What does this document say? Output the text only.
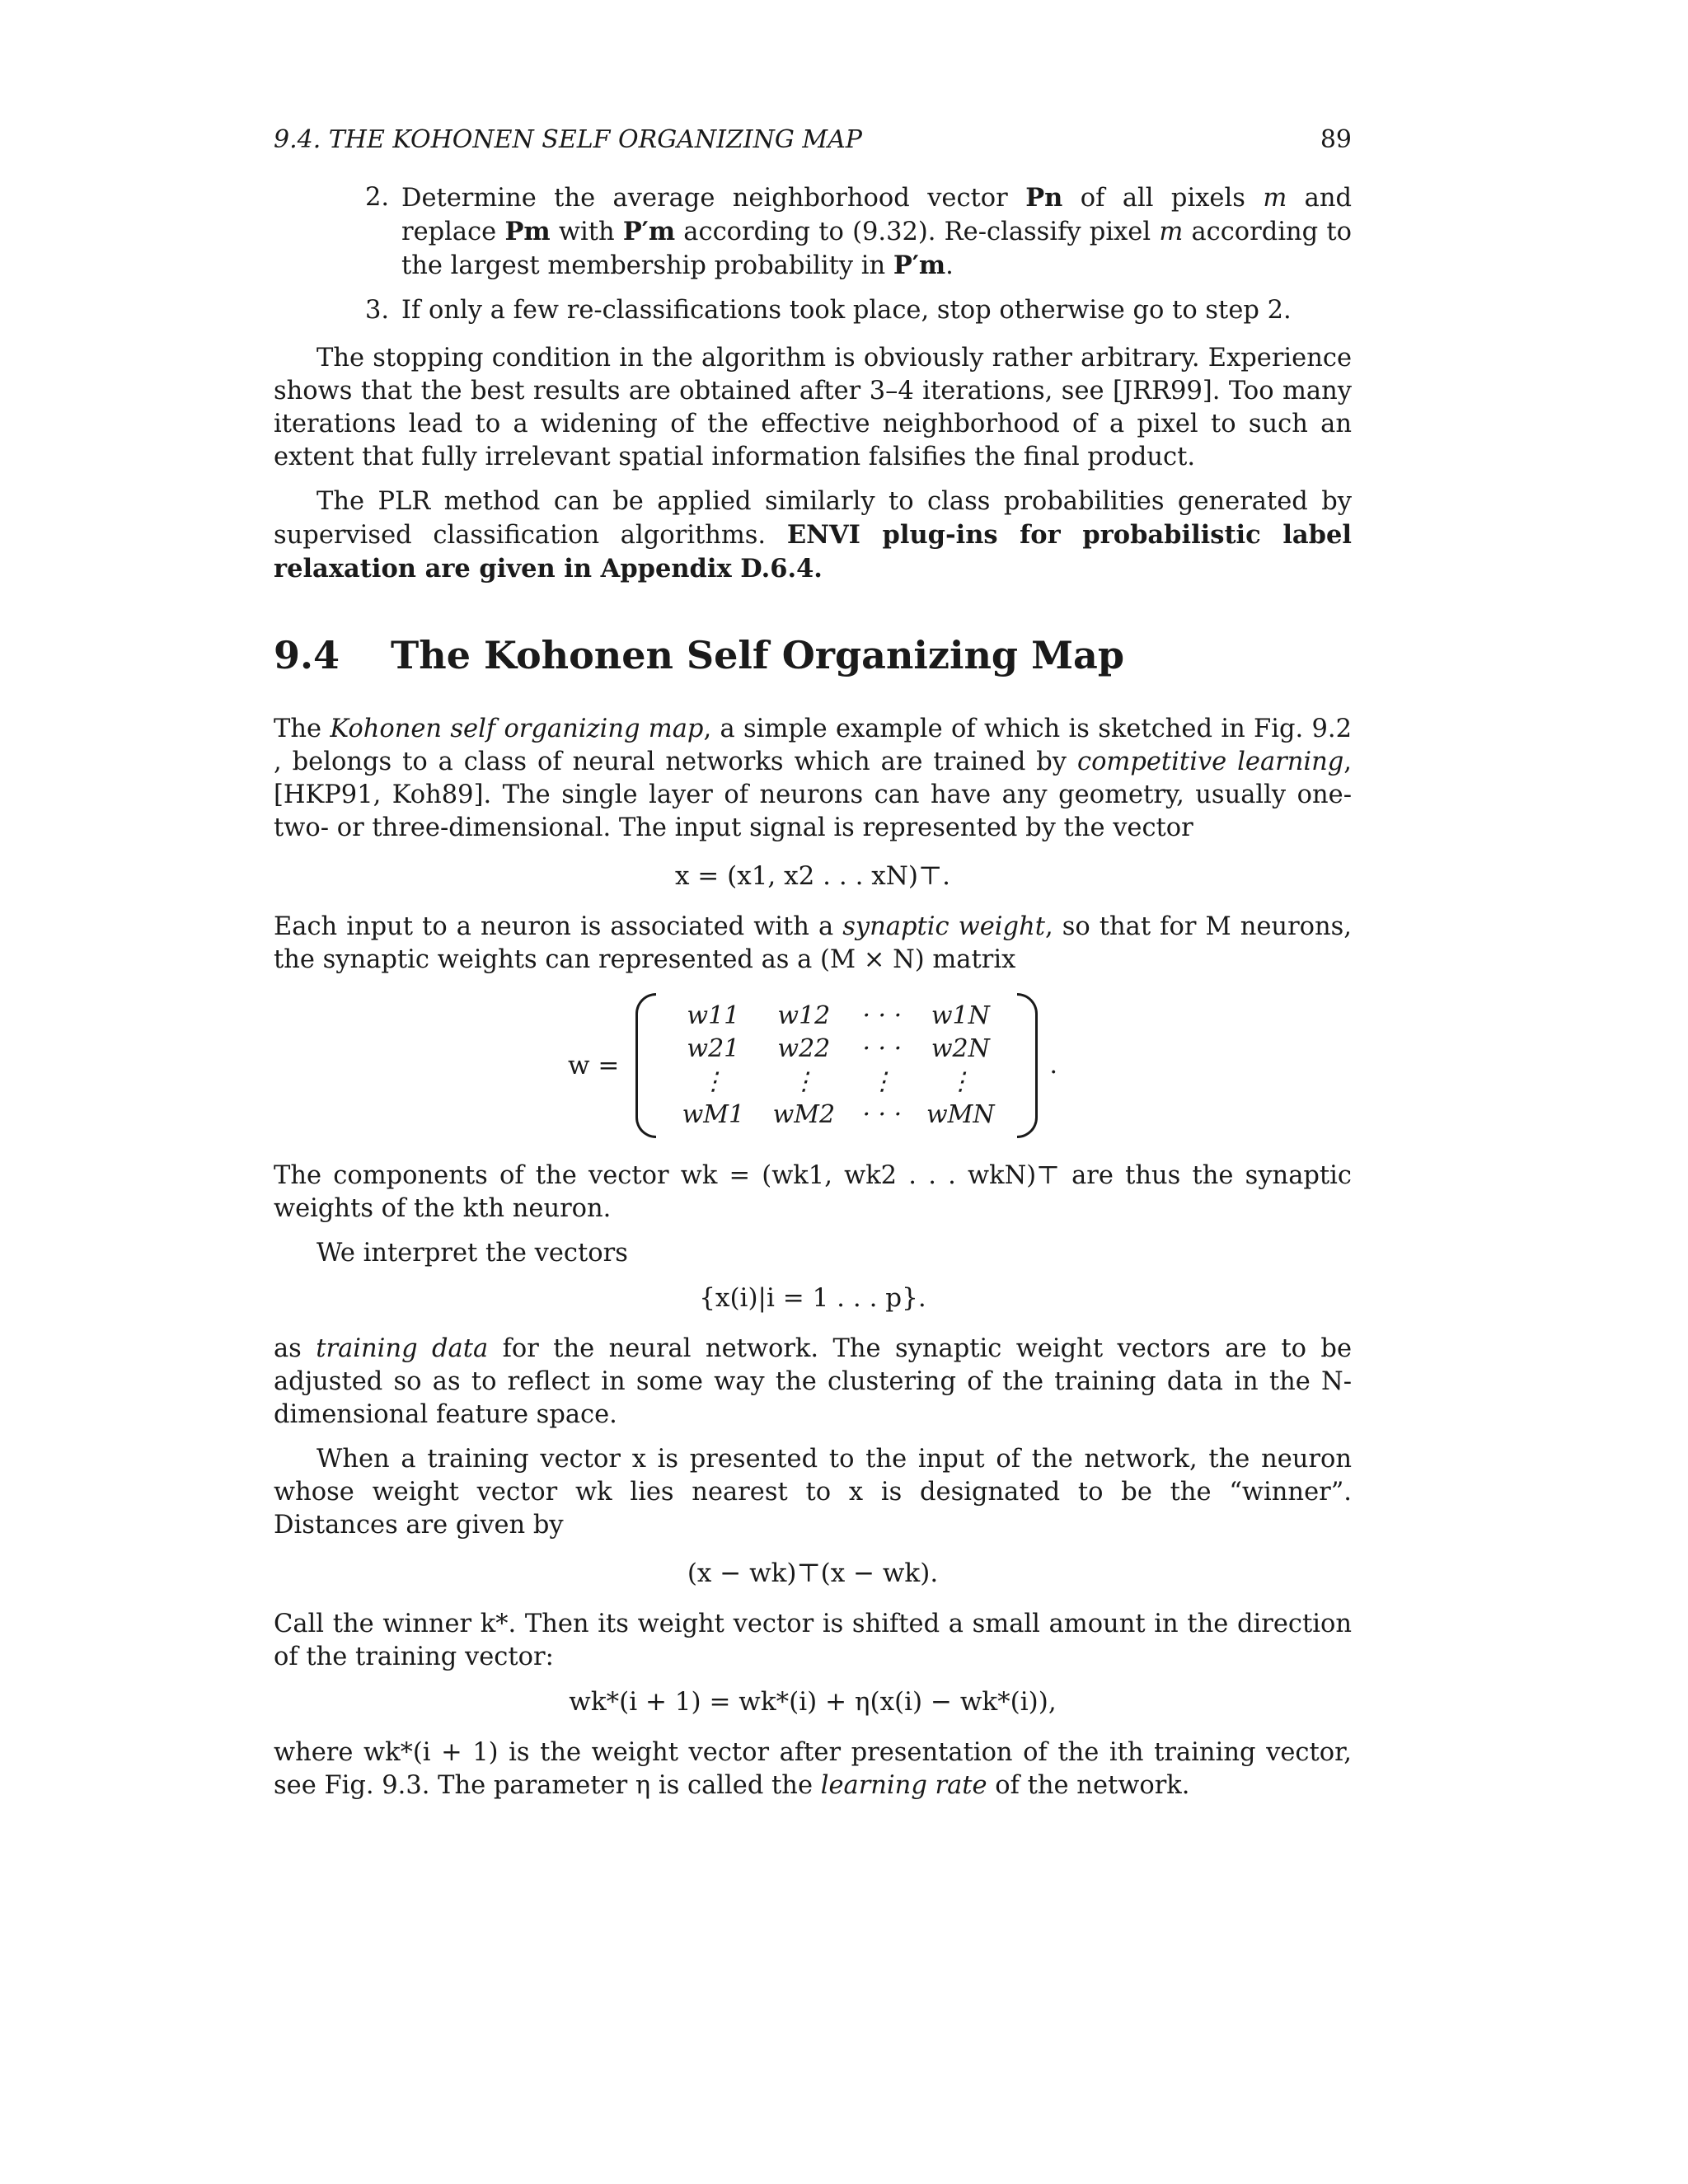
9.4. THE KOHONEN SELF ORGANIZING MAP	89
2. Determine the average neighborhood vector Pn of all pixels m and replace Pm with P′m according to (9.32). Re-classify pixel m according to the largest membership probability in P′m.
3. If only a few re-classifications took place, stop otherwise go to step 2.

The stopping condition in the algorithm is obviously rather arbitrary. Experience shows that the best results are obtained after 3–4 iterations, see [JRR99]. Too many iterations lead to a widening of the effective neighborhood of a pixel to such an extent that fully irrelevant spatial information falsifies the final product.

The PLR method can be applied similarly to class probabilities generated by supervised classification algorithms. ENVI plug-ins for probabilistic label relaxation are given in Appendix D.6.4.

9.4 The Kohonen Self Organizing Map

The Kohonen self organizing map, a simple example of which is sketched in Fig. 9.2 , belongs to a class of neural networks which are trained by competitive learning, [HKP91, Koh89]. The single layer of neurons can have any geometry, usually one- two- or three-dimensional. The input signal is represented by the vector

x = (x1, x2 . . . xN)⊤.

Each input to a neuron is associated with a synaptic weight, so that for M neurons, the synaptic weights can represented as a (M × N) matrix

w =
w11	w12	· · ·	w1N
w21	w22	· · ·	w2N
⋮	⋮	⋮	⋮
wM1	wM2	· · · wMN
.

The components of the vector wk = (wk1, wk2 . . . wkN)⊤ are thus the synaptic weights of the kth neuron.

We interpret the vectors

{x(i)|i = 1 . . . p}.

as training data for the neural network. The synaptic weight vectors are to be adjusted so as to reflect in some way the clustering of the training data in the N-dimensional feature space.

When a training vector x is presented to the input of the network, the neuron whose weight vector wk lies nearest to x is designated to be the “winner”. Distances are given by

(x − wk)⊤(x − wk).

Call the winner k*. Then its weight vector is shifted a small amount in the direction of the training vector:

wk*(i + 1) = wk*(i) + η(x(i) − wk*(i)),

where wk*(i + 1) is the weight vector after presentation of the ith training vector, see Fig. 9.3. The parameter η is called the learning rate of the network.
